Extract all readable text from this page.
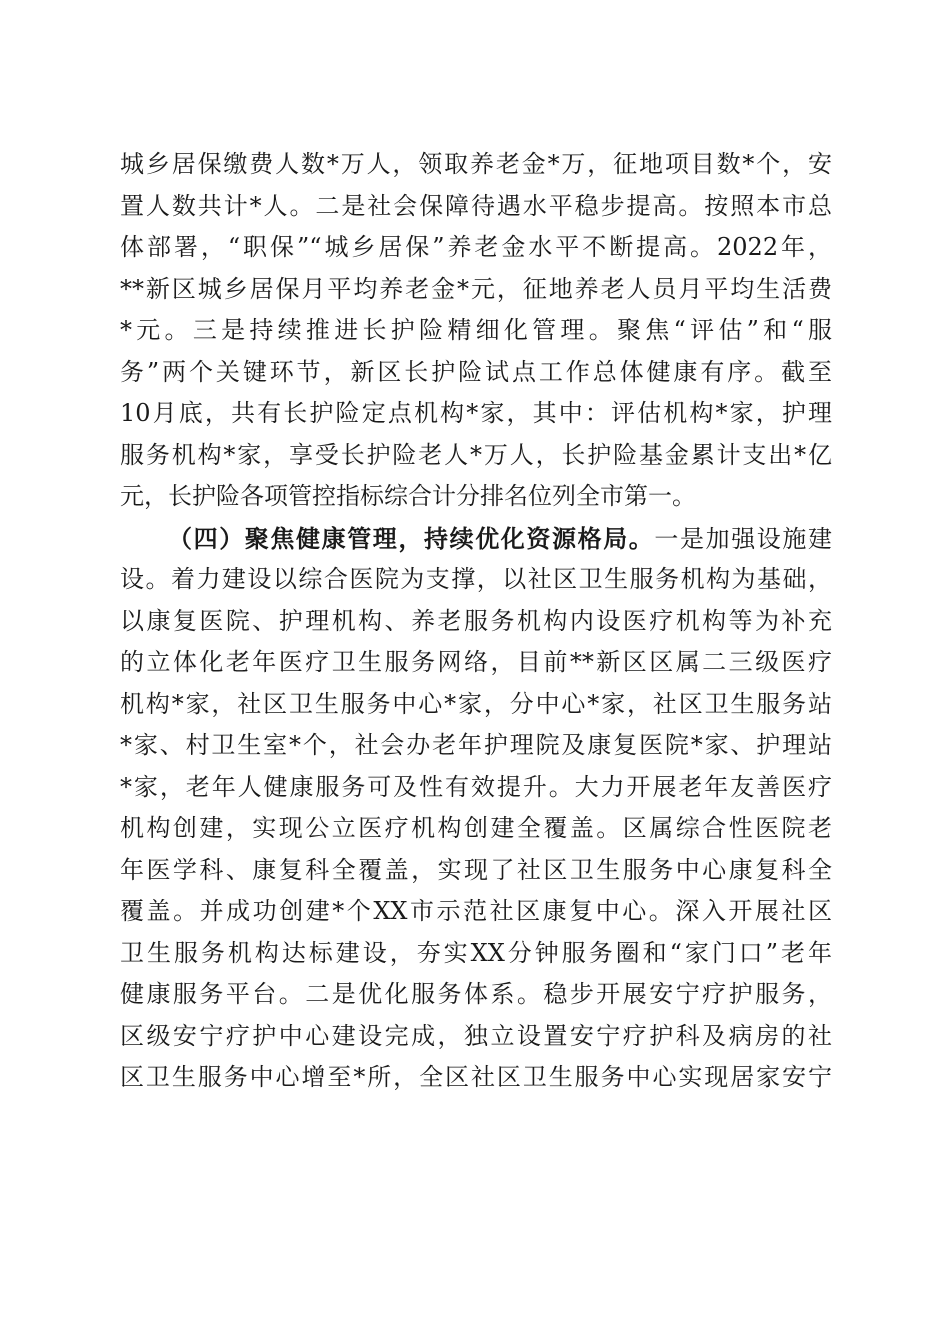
城乡居保缴费人数*万人，领取养老金*万，征地项目数*个，安
置人数共计*人。二是社会保障待遇水平稳步提高。按照本市总
体部署，“职保”“城乡居保”养老金水平不断提高。2022年，
**新区城乡居保月平均养老金*元，征地养老人员月平均生活费
*元。三是持续推进长护险精细化管理。聚焦“评估”和“服
务”两个关键环节，新区长护险试点工作总体健康有序。截至
10月底，共有长护险定点机构*家，其中：评估机构*家，护理
服务机构*家，享受长护险老人*万人，长护险基金累计支出*亿
元，长护险各项管控指标综合计分排名位列全市第一。
（四）聚焦健康管理，持续优化资源格局。一是加强设施建
设。着力建设以综合医院为支撑，以社区卫生服务机构为基础，
以康复医院、护理机构、养老服务机构内设医疗机构等为补充
的立体化老年医疗卫生服务网络，目前**新区区属二三级医疗
机构*家，社区卫生服务中心*家，分中心*家，社区卫生服务站
*家、村卫生室*个，社会办老年护理院及康复医院*家、护理站
*家，老年人健康服务可及性有效提升。大力开展老年友善医疗
机构创建，实现公立医疗机构创建全覆盖。区属综合性医院老
年医学科、康复科全覆盖，实现了社区卫生服务中心康复科全
覆盖。并成功创建*个XX市示范社区康复中心。深入开展社区
卫生服务机构达标建设，夯实XX分钟服务圈和“家门口”老年
健康服务平台。二是优化服务体系。稳步开展安宁疗护服务，
区级安宁疗护中心建设完成，独立设置安宁疗护科及病房的社
区卫生服务中心增至*所，全区社区卫生服务中心实现居家安宁
